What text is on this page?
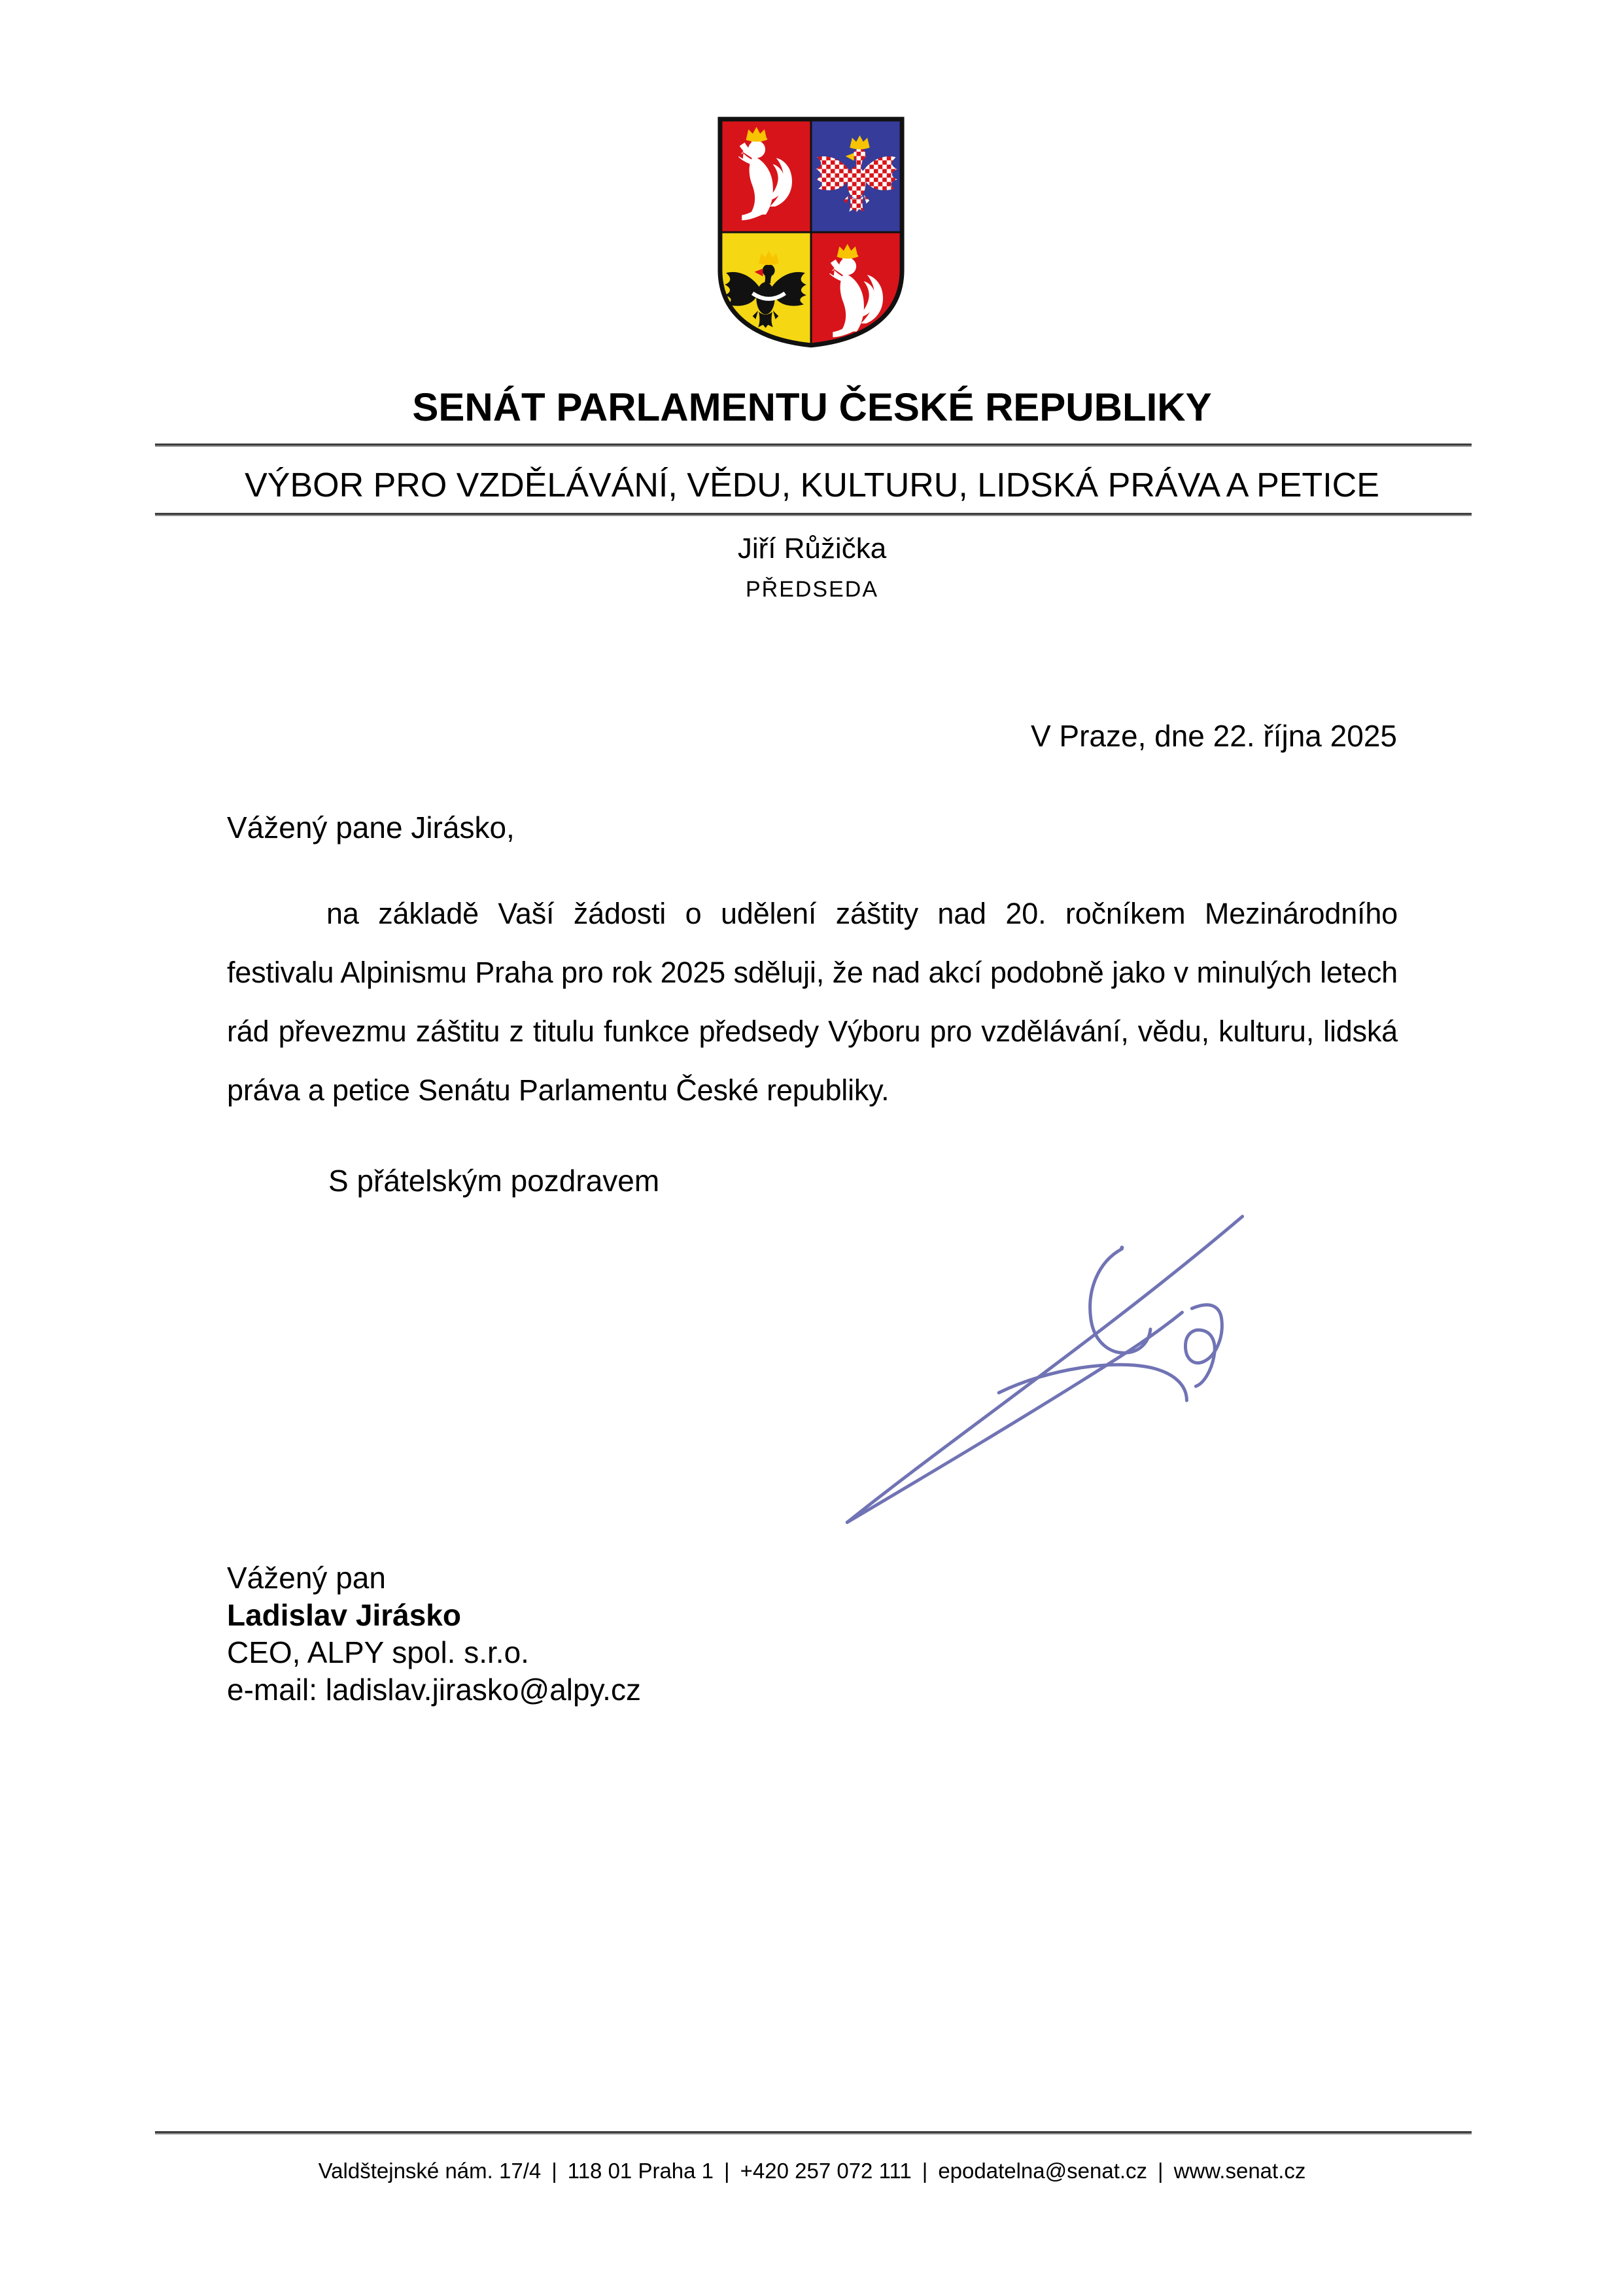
SENÁT PARLAMENTU ČESKÉ REPUBLIKY
VÝBOR PRO VZDĚLÁVÁNÍ, VĚDU, KULTURU, LIDSKÁ PRÁVA A PETICE
Jiří Růžička
PŘEDSEDA
V Praze, dne 22. října 2025
Vážený pane Jirásko,

na základě Vaší žádosti o udělení záštity nad 20. ročníkem Mezinárodního festivalu Alpinismu Praha pro rok 2025 sděluji, že nad akcí podobně jako v minulých letech rád převezmu záštitu z titulu funkce předsedy Výboru pro vzdělávání, vědu, kulturu, lidská práva a petice Senátu Parlamentu České republiky.

S přátelským pozdravem
Vážený pan
Ladislav Jirásko
CEO, ALPY spol. s.r.o.
e-mail: ladislav.jirasko@alpy.cz
Valdštejnské nám. 17/4 | 118 01 Praha 1 | +420 257 072 111 | epodatelna@senat.cz | www.senat.cz
